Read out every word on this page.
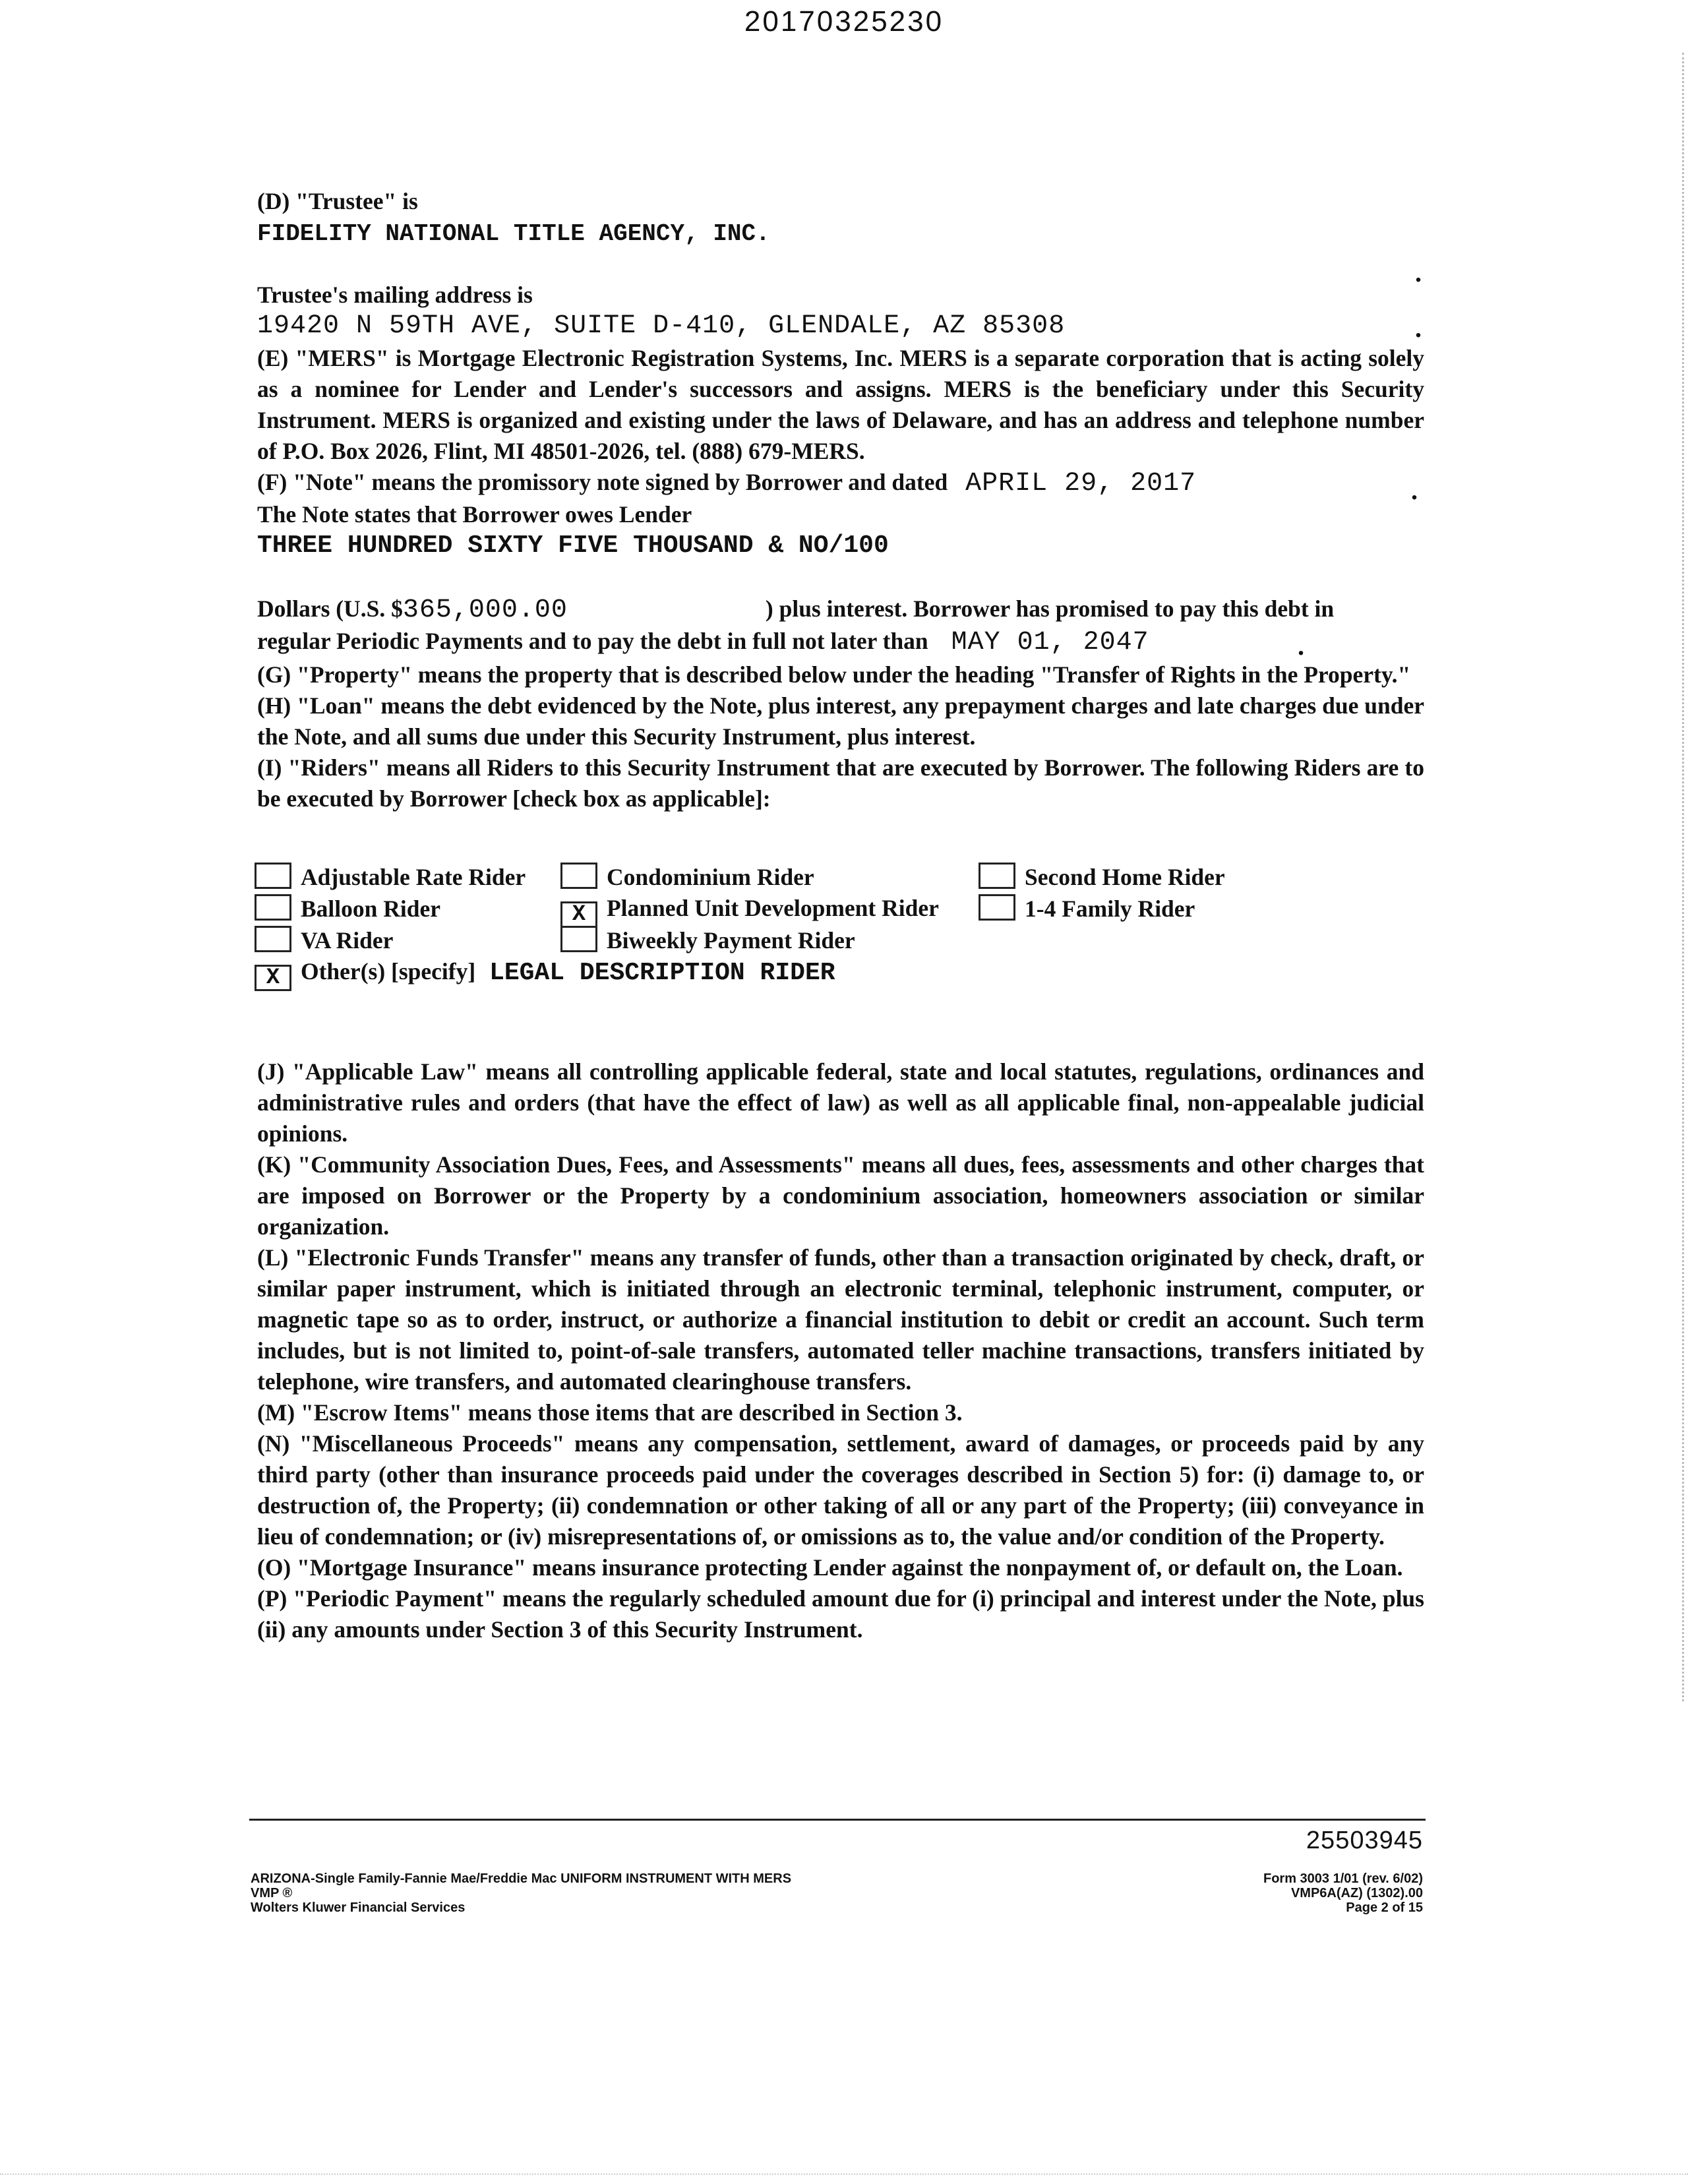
20170325230
(D) "Trustee" is
FIDELITY NATIONAL TITLE AGENCY, INC.
.
Trustee's mailing address is
19420 N 59TH AVE, SUITE D-410, GLENDALE, AZ 85308	.
(E) "MERS" is Mortgage Electronic Registration Systems, Inc. MERS is a separate corporation that is acting solely as a nominee for Lender and Lender's successors and assigns. MERS is the beneficiary under this Security Instrument. MERS is organized and existing under the laws of Delaware, and has an address and telephone number of P.O. Box 2026, Flint, MI 48501-2026, tel. (888) 679-MERS.
(F) "Note" means the promissory note signed by Borrower and dated APRIL 29, 2017
The Note states that Borrower owes Lender
THREE HUNDRED SIXTY FIVE THOUSAND & NO/100
.
Dollars (U.S. $365,000.00	) plus interest. Borrower has promised to pay this debt in
regular Periodic Payments and to pay the debt in full not later than MAY 01, 2047	.
(G) "Property" means the property that is described below under the heading "Transfer of Rights in the Property."
(H) "Loan" means the debt evidenced by the Note, plus interest, any prepayment charges and late charges due under the Note, and all sums due under this Security Instrument, plus interest.
(I) "Riders" means all Riders to this Security Instrument that are executed by Borrower. The following Riders are to be executed by Borrower [check box as applicable]:
Adjustable Rate Rider	Condominium Rider	Second Home Rider
Balloon Rider	X Planned Unit Development Rider	1-4 Family Rider
VA Rider	Biweekly Payment Rider
X Other(s) [specify] LEGAL DESCRIPTION RIDER
(J) "Applicable Law" means all controlling applicable federal, state and local statutes, regulations, ordinances and administrative rules and orders (that have the effect of law) as well as all applicable final, non-appealable judicial opinions.
(K) "Community Association Dues, Fees, and Assessments" means all dues, fees, assessments and other charges that are imposed on Borrower or the Property by a condominium association, homeowners association or similar organization.
(L) "Electronic Funds Transfer" means any transfer of funds, other than a transaction originated by check, draft, or similar paper instrument, which is initiated through an electronic terminal, telephonic instrument, computer, or magnetic tape so as to order, instruct, or authorize a financial institution to debit or credit an account. Such term includes, but is not limited to, point-of-sale transfers, automated teller machine transactions, transfers initiated by telephone, wire transfers, and automated clearinghouse transfers.
(M) "Escrow Items" means those items that are described in Section 3.
(N) "Miscellaneous Proceeds" means any compensation, settlement, award of damages, or proceeds paid by any third party (other than insurance proceeds paid under the coverages described in Section 5) for: (i) damage to, or destruction of, the Property; (ii) condemnation or other taking of all or any part of the Property; (iii) conveyance in lieu of condemnation; or (iv) misrepresentations of, or omissions as to, the value and/or condition of the Property.
(O) "Mortgage Insurance" means insurance protecting Lender against the nonpayment of, or default on, the Loan.
(P) "Periodic Payment" means the regularly scheduled amount due for (i) principal and interest under the Note, plus (ii) any amounts under Section 3 of this Security Instrument.
25503945
ARIZONA-Single Family-Fannie Mae/Freddie Mac UNIFORM INSTRUMENT WITH MERS
VMP ®
Wolters Kluwer Financial Services
Form 3003 1/01 (rev. 6/02)
VMP6A(AZ) (1302).00
Page 2 of 15
